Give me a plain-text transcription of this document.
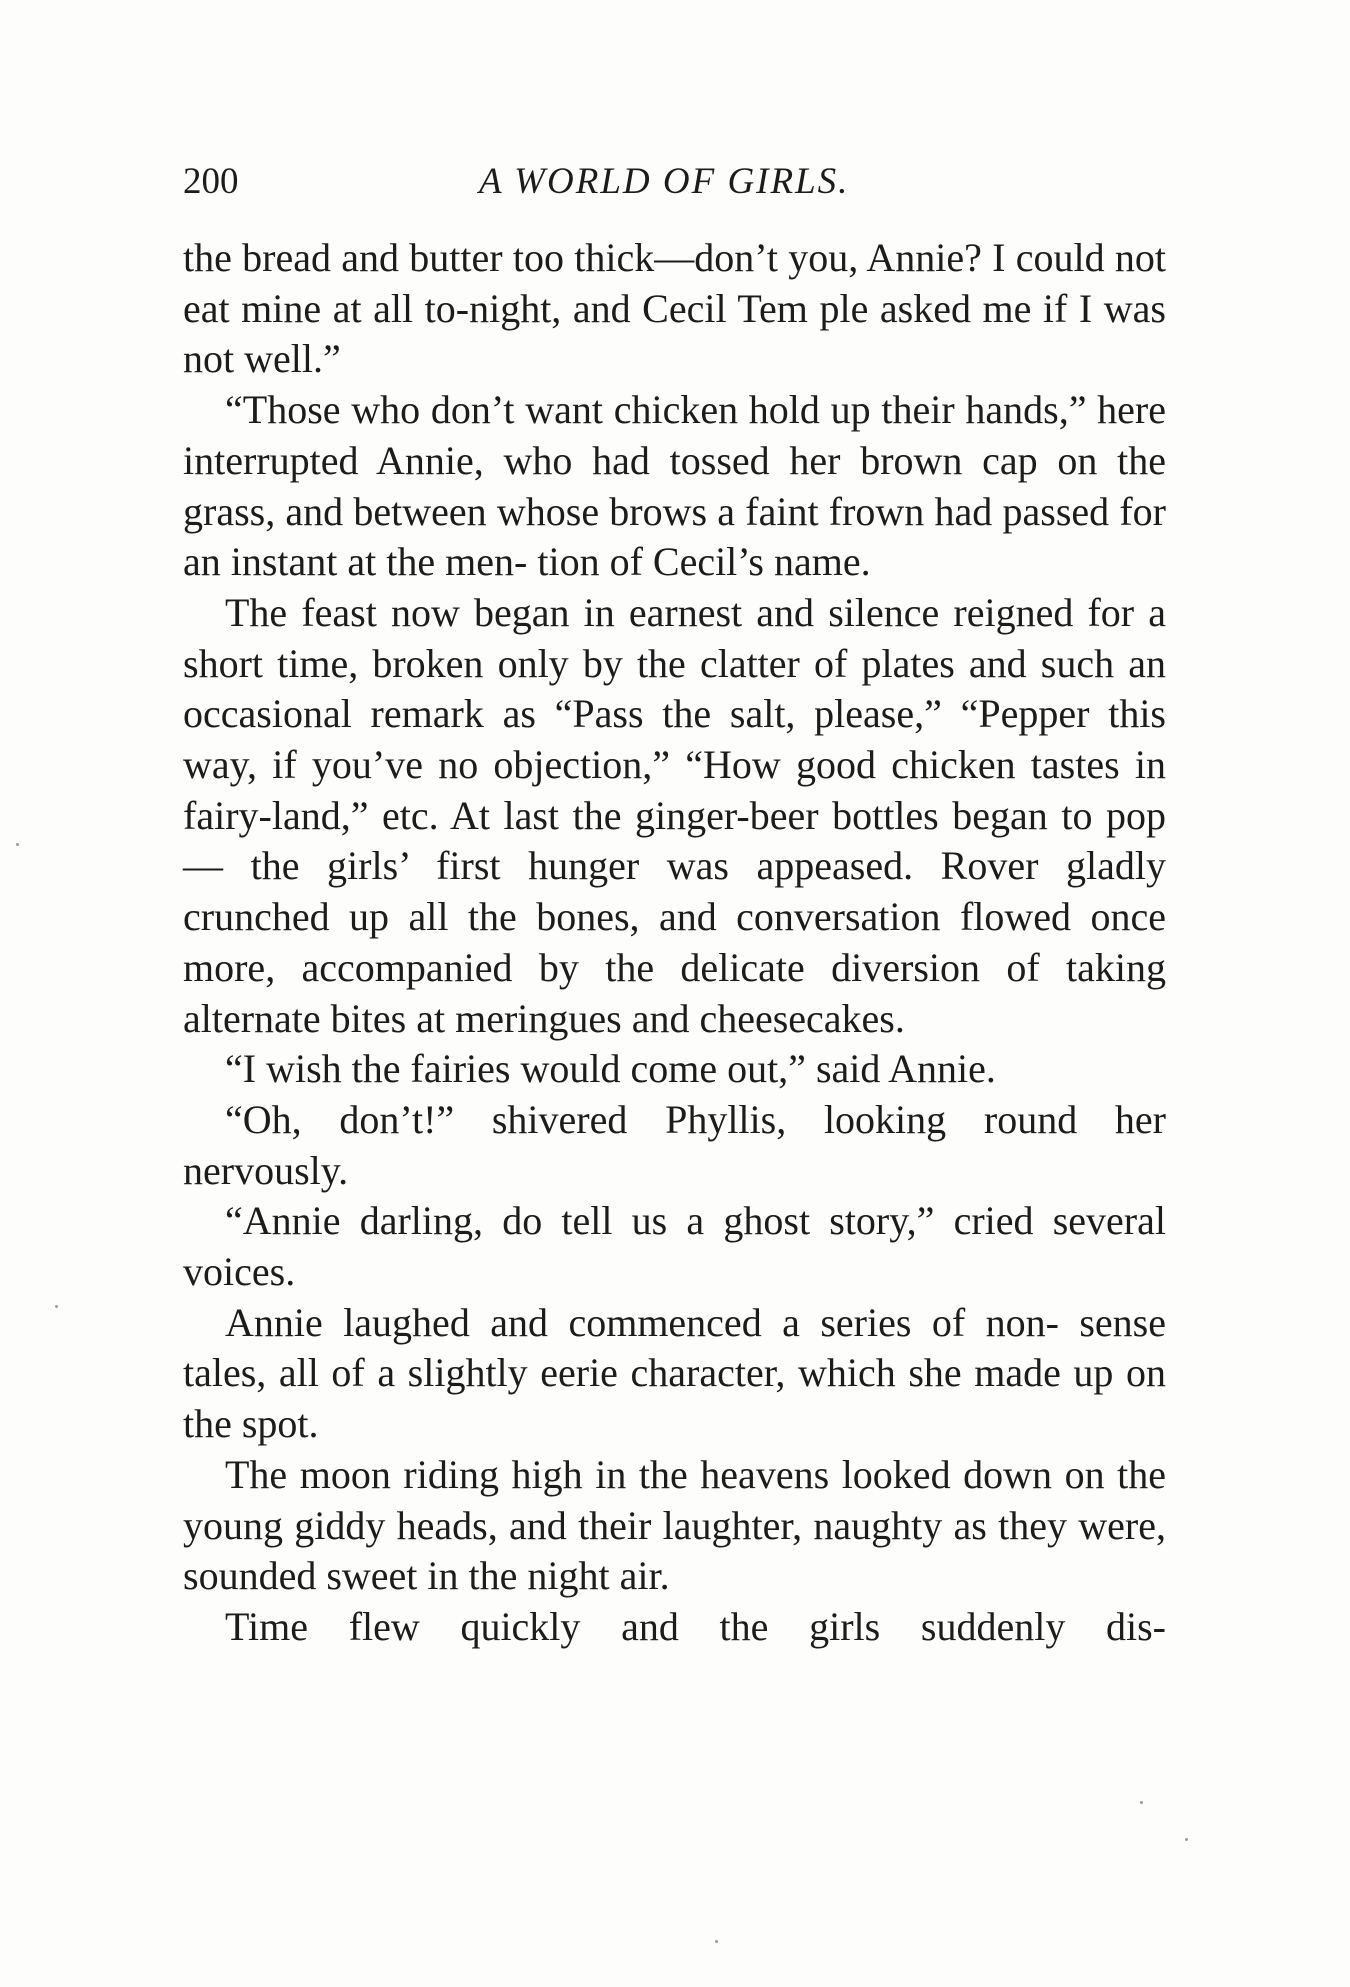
200	A WORLD OF GIRLS.

the bread and butter too thick—don’t you, Annie? I could not eat mine at all to-night, and Cecil Tem ple asked me if I was not well.”

“Those who don’t want chicken hold up their hands,” here interrupted Annie, who had tossed her brown cap on the grass, and between whose brows a faint frown had passed for an instant at the men- tion of Cecil’s name.

The feast now began in earnest and silence reigned for a short time, broken only by the clatter of plates and such an occasional remark as “Pass the salt, please,” “Pepper this way, if you’ve no objection,” “How good chicken tastes in fairy-land,” etc. At last the ginger-beer bottles began to pop— the girls’ first hunger was appeased. Rover gladly crunched up all the bones, and conversation flowed once more, accompanied by the delicate diversion of taking alternate bites at meringues and cheesecakes.

“I wish the fairies would come out,” said Annie.

“Oh, don’t!” shivered Phyllis, looking round her nervously.

“Annie darling, do tell us a ghost story,” cried several voices.

Annie laughed and commenced a series of non- sense tales, all of a slightly eerie character, which she made up on the spot.

The moon riding high in the heavens looked down on the young giddy heads, and their laughter, naughty as they were, sounded sweet in the night air.

Time flew quickly and the girls suddenly dis-
